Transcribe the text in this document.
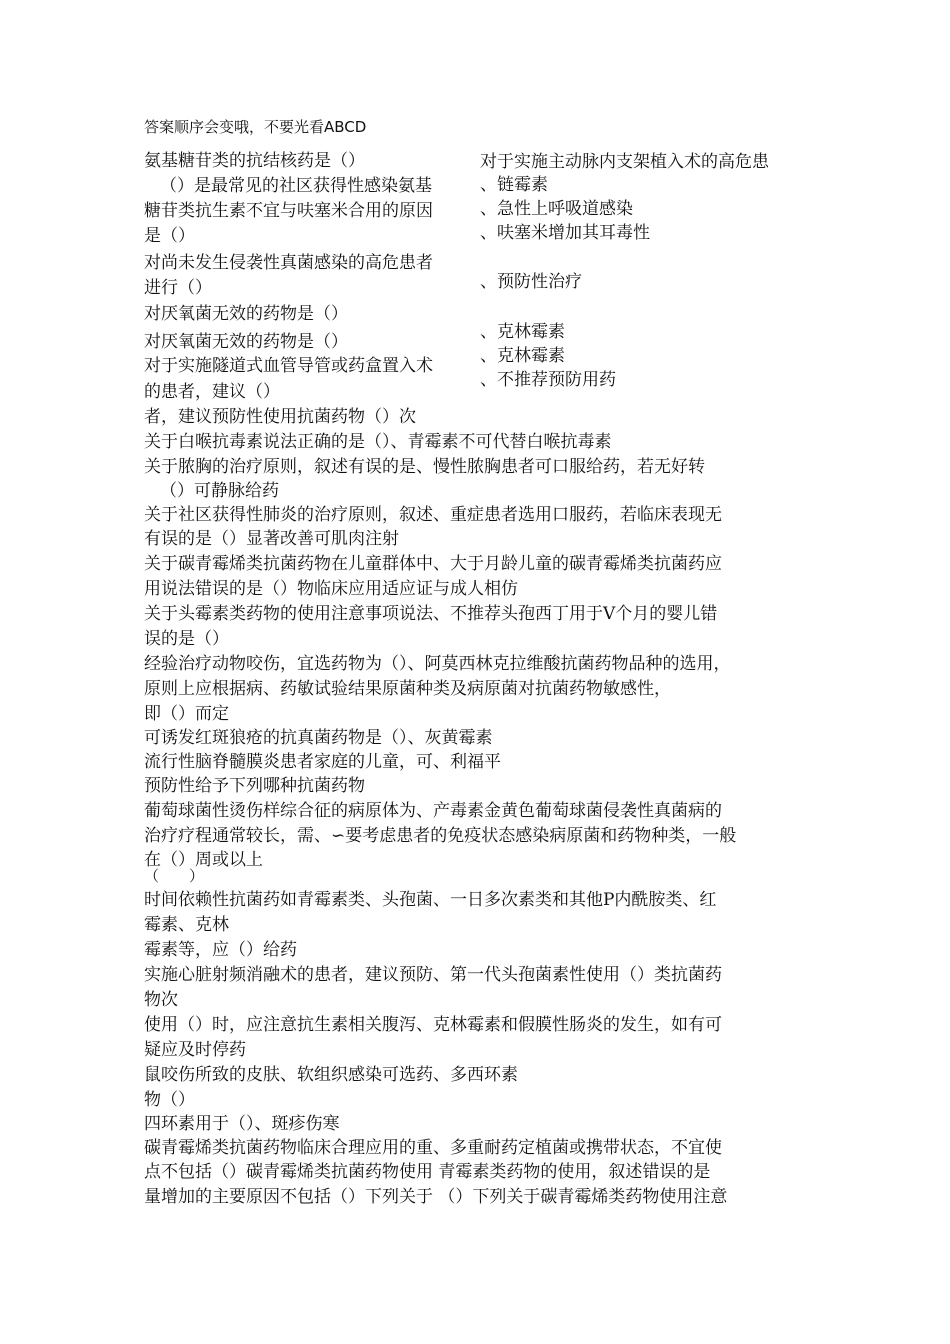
答案顺序会变哦，不要光看ABCD
氨基糖苷类的抗结核药是（）
（）是最常见的社区获得性感染氨基
糖苷类抗生素不宜与呋塞米合用的原因
是（）
对尚未发生侵袭性真菌感染的高危患者
进行（）
对厌氧菌无效的药物是（）
对厌氧菌无效的药物是（）
对于实施隧道式血管导管或药盒置入术
的患者，建议（）
对于实施主动脉内支架植入术的高危患
、链霉素
、急性上呼吸道感染
、呋塞米增加其耳毒性
、预防性治疗
、克林霉素
、克林霉素
、不推荐预防用药
者，建议预防性使用抗菌药物（）次
关于白喉抗毒素说法正确的是（）、青霉素不可代替白喉抗毒素
关于脓胸的治疗原则，叙述有误的是、慢性脓胸患者可口服给药，若无好转
（）可静脉给药
关于社区获得性肺炎的治疗原则，叙述、重症患者选用口服药，若临床表现无
有误的是（）显著改善可肌肉注射
关于碳青霉烯类抗菌药物在儿童群体中、大于月龄儿童的碳青霉烯类抗菌药应
用说法错误的是（）物临床应用适应证与成人相仿
关于头霉素类药物的使用注意事项说法、不推荐头孢西丁用于V个月的婴儿错
误的是（）
经验治疗动物咬伤，宜选药物为（）、阿莫西林克拉维酸抗菌药物品种的选用，
原则上应根据病、药敏试验结果原菌种类及病原菌对抗菌药物敏感性，
即（）而定
可诱发红斑狼疮的抗真菌药物是（）、灰黄霉素
流行性脑脊髓膜炎患者家庭的儿童，可、利福平
预防性给予下列哪种抗菌药物
葡萄球菌性烫伤样综合征的病原体为、产毒素金黄色葡萄球菌侵袭性真菌病的
治疗疗程通常较长，需、∽要考虑患者的免疫状态感染病原菌和药物种类，一般
在（）周或以上
（　　）
时间依赖性抗菌药如青霉素类、头孢菌、一日多次素类和其他P内酰胺类、红
霉素、克林
霉素等，应（）给药
实施心脏射频消融术的患者，建议预防、第一代头孢菌素性使用（）类抗菌药
物次
使用（）时，应注意抗生素相关腹泻、克林霉素和假膜性肠炎的发生，如有可
疑应及时停药
鼠咬伤所致的皮肤、软组织感染可选药、多西环素
物（）
四环素用于（）、斑疹伤寒
碳青霉烯类抗菌药物临床合理应用的重、多重耐药定植菌或携带状态，不宜使
点不包括（）碳青霉烯类抗菌药物使用 青霉素类药物的使用，叙述错误的是
量增加的主要原因不包括（）下列关于 （）下列关于碳青霉烯类药物使用注意
